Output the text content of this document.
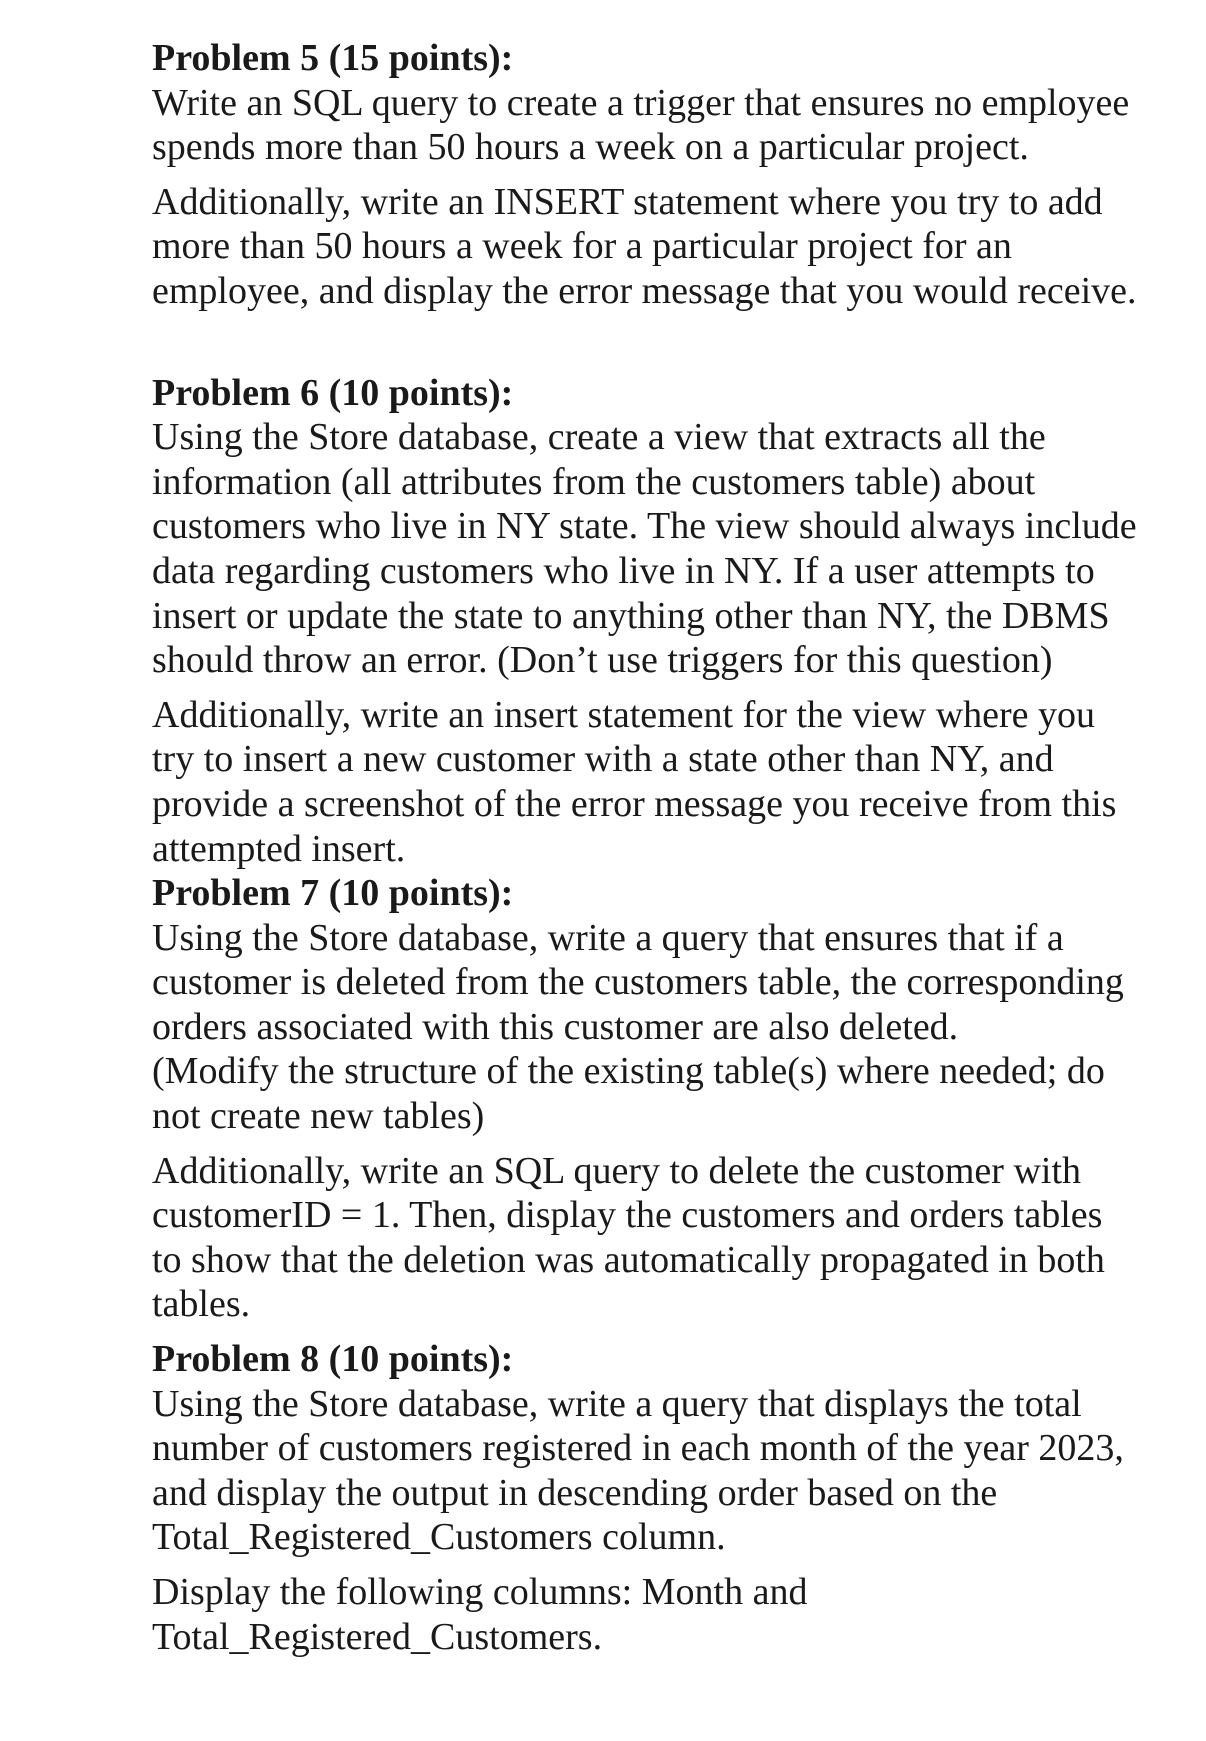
Problem 5 (15 points):
Write an SQL query to create a trigger that ensures no employee
spends more than 50 hours a week on a particular project.
Additionally, write an INSERT statement where you try to add
more than 50 hours a week for a particular project for an
employee, and display the error message that you would receive.
Problem 6 (10 points):
Using the Store database, create a view that extracts all the
information (all attributes from the customers table) about
customers who live in NY state. The view should always include
data regarding customers who live in NY. If a user attempts to
insert or update the state to anything other than NY, the DBMS
should throw an error. (Don’t use triggers for this question)
Additionally, write an insert statement for the view where you
try to insert a new customer with a state other than NY, and
provide a screenshot of the error message you receive from this
attempted insert.
Problem 7 (10 points):
Using the Store database, write a query that ensures that if a
customer is deleted from the customers table, the corresponding
orders associated with this customer are also deleted.
(Modify the structure of the existing table(s) where needed; do
not create new tables)
Additionally, write an SQL query to delete the customer with
customerID = 1. Then, display the customers and orders tables
to show that the deletion was automatically propagated in both
tables.
Problem 8 (10 points):
Using the Store database, write a query that displays the total
number of customers registered in each month of the year 2023,
and display the output in descending order based on the
Total_Registered_Customers column.
Display the following columns: Month and
Total_Registered_Customers.
